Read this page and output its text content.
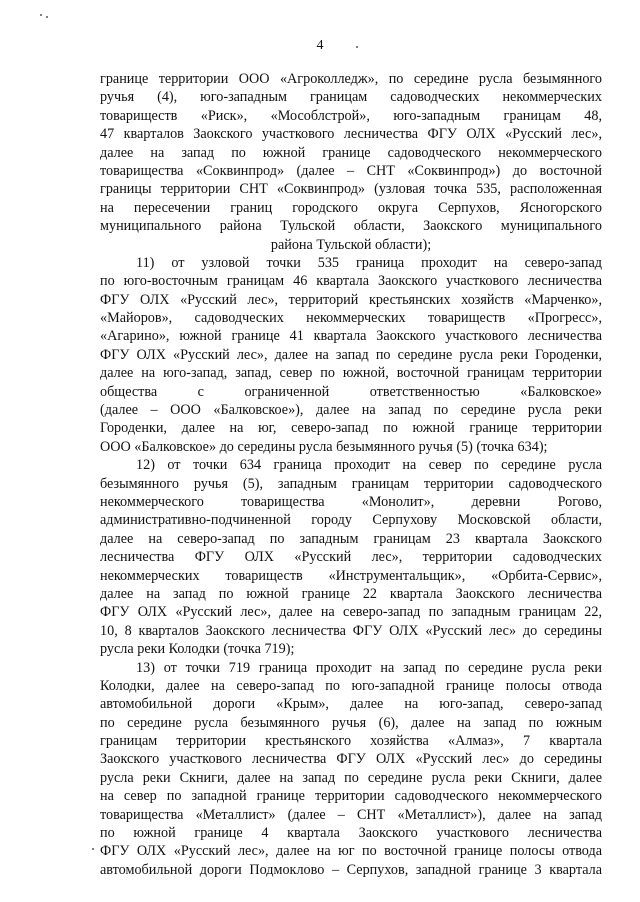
4
границе территории ООО «Агроколледж», по середине русла безымянного
ручья (4), юго-западным границам садоводческих некоммерческих
товариществ «Риск», «Мособлстрой», юго-западным границам 48,
47 кварталов Заокского участкового лесничества ФГУ ОЛХ «Русский лес»,
далее на запад по южной границе садоводческого некоммерческого
товарищества «Соквинпрод» (далее – СНТ «Соквинпрод») до восточной
границы территории СНТ «Соквинпрод» (узловая точка 535, расположенная
на пересечении границ городского округа Серпухов, Ясногорского
муниципального района Тульской области, Заокского муниципального
района Тульской области);
11) от узловой точки 535 граница проходит на северо-запад
по юго-восточным границам 46 квартала Заокского участкового лесничества
ФГУ ОЛХ «Русский лес», территорий крестьянских хозяйств «Марченко»,
«Майоров», садоводческих некоммерческих товариществ «Прогресс»,
«Агарино», южной границе 41 квартала Заокского участкового лесничества
ФГУ ОЛХ «Русский лес», далее на запад по середине русла реки Городенки,
далее на юго-запад, запад, север по южной, восточной границам территории
общества с ограниченной ответственностью «Балковское»
(далее – ООО «Балковское»), далее на запад по середине русла реки
Городенки, далее на юг, северо-запад по южной границе территории
ООО «Балковское» до середины русла безымянного ручья (5) (точка 634);
12) от точки 634 граница проходит на север по середине русла
безымянного ручья (5), западным границам территории садоводческого
некоммерческого товарищества «Монолит», деревни Рогово,
административно-подчиненной городу Серпухову Московской области,
далее на северо-запад по западным границам 23 квартала Заокского
лесничества ФГУ ОЛХ «Русский лес», территории садоводческих
некоммерческих товариществ «Инструментальщик», «Орбита-Сервис»,
далее на запад по южной границе 22 квартала Заокского лесничества
ФГУ ОЛХ «Русский лес», далее на северо-запад по западным границам 22,
10, 8 кварталов Заокского лесничества ФГУ ОЛХ «Русский лес» до середины
русла реки Колодки (точка 719);
13) от точки 719 граница проходит на запад по середине русла реки
Колодки, далее на северо-запад по юго-западной границе полосы отвода
автомобильной дороги «Крым», далее на юго-запад, северо-запад
по середине русла безымянного ручья (6), далее на запад по южным
границам территории крестьянского хозяйства «Алмаз», 7 квартала
Заокского участкового лесничества ФГУ ОЛХ «Русский лес» до середины
русла реки Скниги, далее на запад по середине русла реки Скниги, далее
на север по западной границе территории садоводческого некоммерческого
товарищества «Металлист» (далее – СНТ «Металлист»), далее на запад
по южной границе 4 квартала Заокского участкового лесничества
ФГУ ОЛХ «Русский лес», далее на юг по восточной границе полосы отвода
автомобильной дороги Подмоклово – Серпухов, западной границе 3 квартала
